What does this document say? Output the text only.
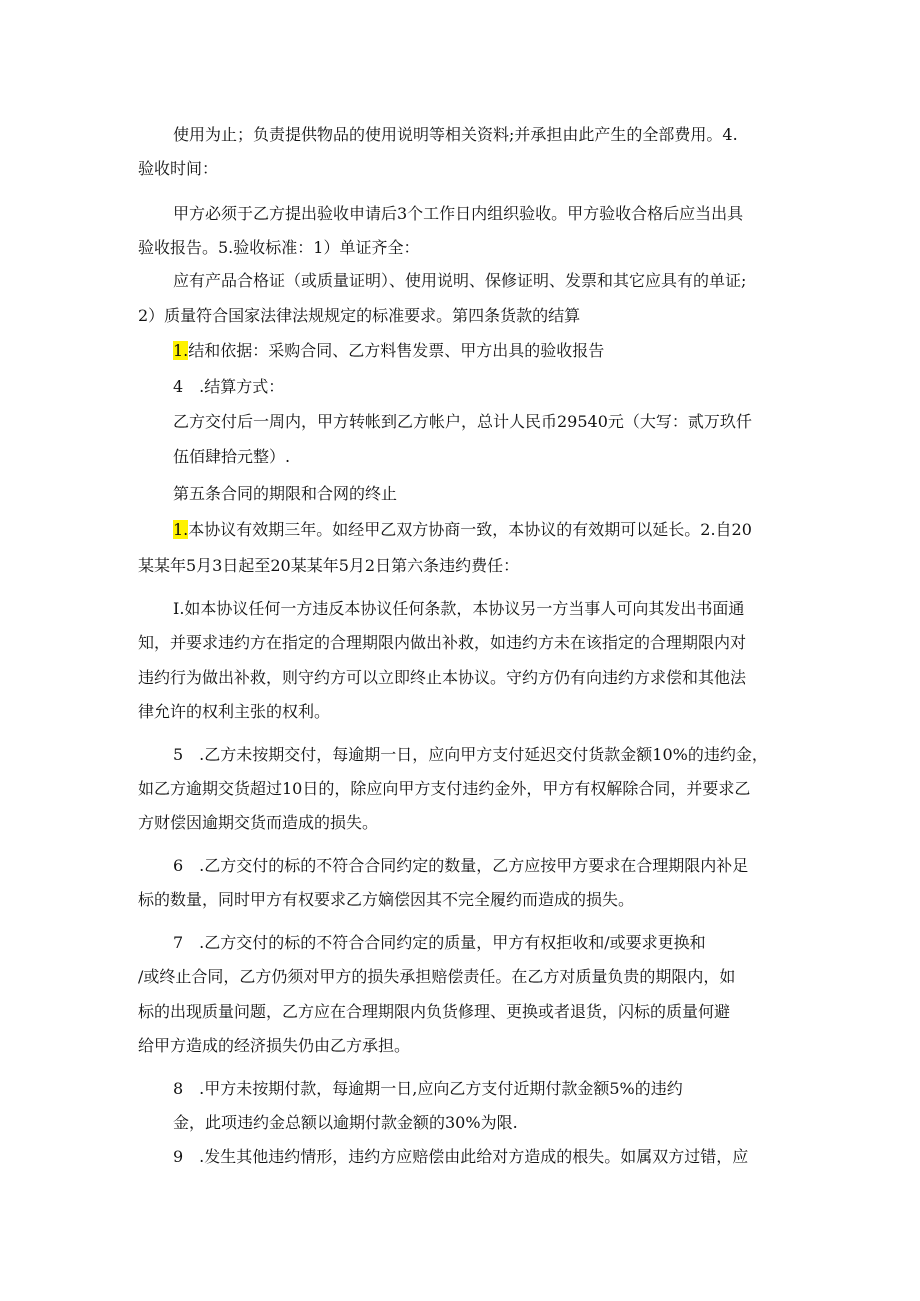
使用为止；负责提供物品的使用说明等相关资料;并承担由此产生的全部费用。4.
验收时间：
甲方必须于乙方提出验收申请后3个工作日内组织验收。甲方验收合格后应当出具
验收报告。5.验收标准：1）单证齐全：
应有产品合格证（或质量证明）、使用说明、保修证明、发票和其它应具有的单证;
2）质量符合国家法律法规规定的标准要求。第四条货款的结算
1.结和依据：采购合同、乙方料售发票、甲方出具的验收报告
4　.结算方式：
乙方交付后一周内，甲方转帐到乙方帐户，总计人民币29540元（大写：贰万玖仟
伍佰肆拾元整）.
第五条合同的期限和合网的终止
1.本协议有效期三年。如经甲乙双方协商一致，本协议的有效期可以延长。2.自20
某某年5月3日起至20某某年5月2日第六条违约费任：
I.如本协议任何一方违反本协议任何条款，本协议另一方当事人可向其发出书面通
知，并要求违约方在指定的合理期限内做出补救，如违约方未在该指定的合理期限内对
违约行为做出补救，则守约方可以立即终止本协议。守约方仍有向违约方求偿和其他法
律允许的权利主张的权利。
5　.乙方未按期交付，每逾期一日，应向甲方支付延迟交付货款金额10%的违约金，
如乙方逾期交货超过10日的，除应向甲方支付违约金外，甲方有权解除合同，并要求乙
方财偿因逾期交货而造成的损失。
6　.乙方交付的标的不符合合同约定的数量，乙方应按甲方要求在合理期限内补足
标的数量，同时甲方有权要求乙方嫡偿因其不完全履约而造成的损失。
7　.乙方交付的标的不符合合同约定的质量，甲方有权拒收和/或要求更换和
/或终止合同，乙方仍须对甲方的损失承担赔偿责任。在乙方对质量负贵的期限内，如
标的出现质量问题，乙方应在合理期限内负货修理、更换或者退货，闪标的质量何避
给甲方造成的经济损失仍由乙方承担。
8　.甲方未按期付款，每逾期一日,应向乙方支付近期付款金额5%的违约
金，此项违约金总额以逾期付款金额的30%为限.
9　.发生其他违约情形，违约方应赔偿由此给对方造成的根失。如属双方过错，应
